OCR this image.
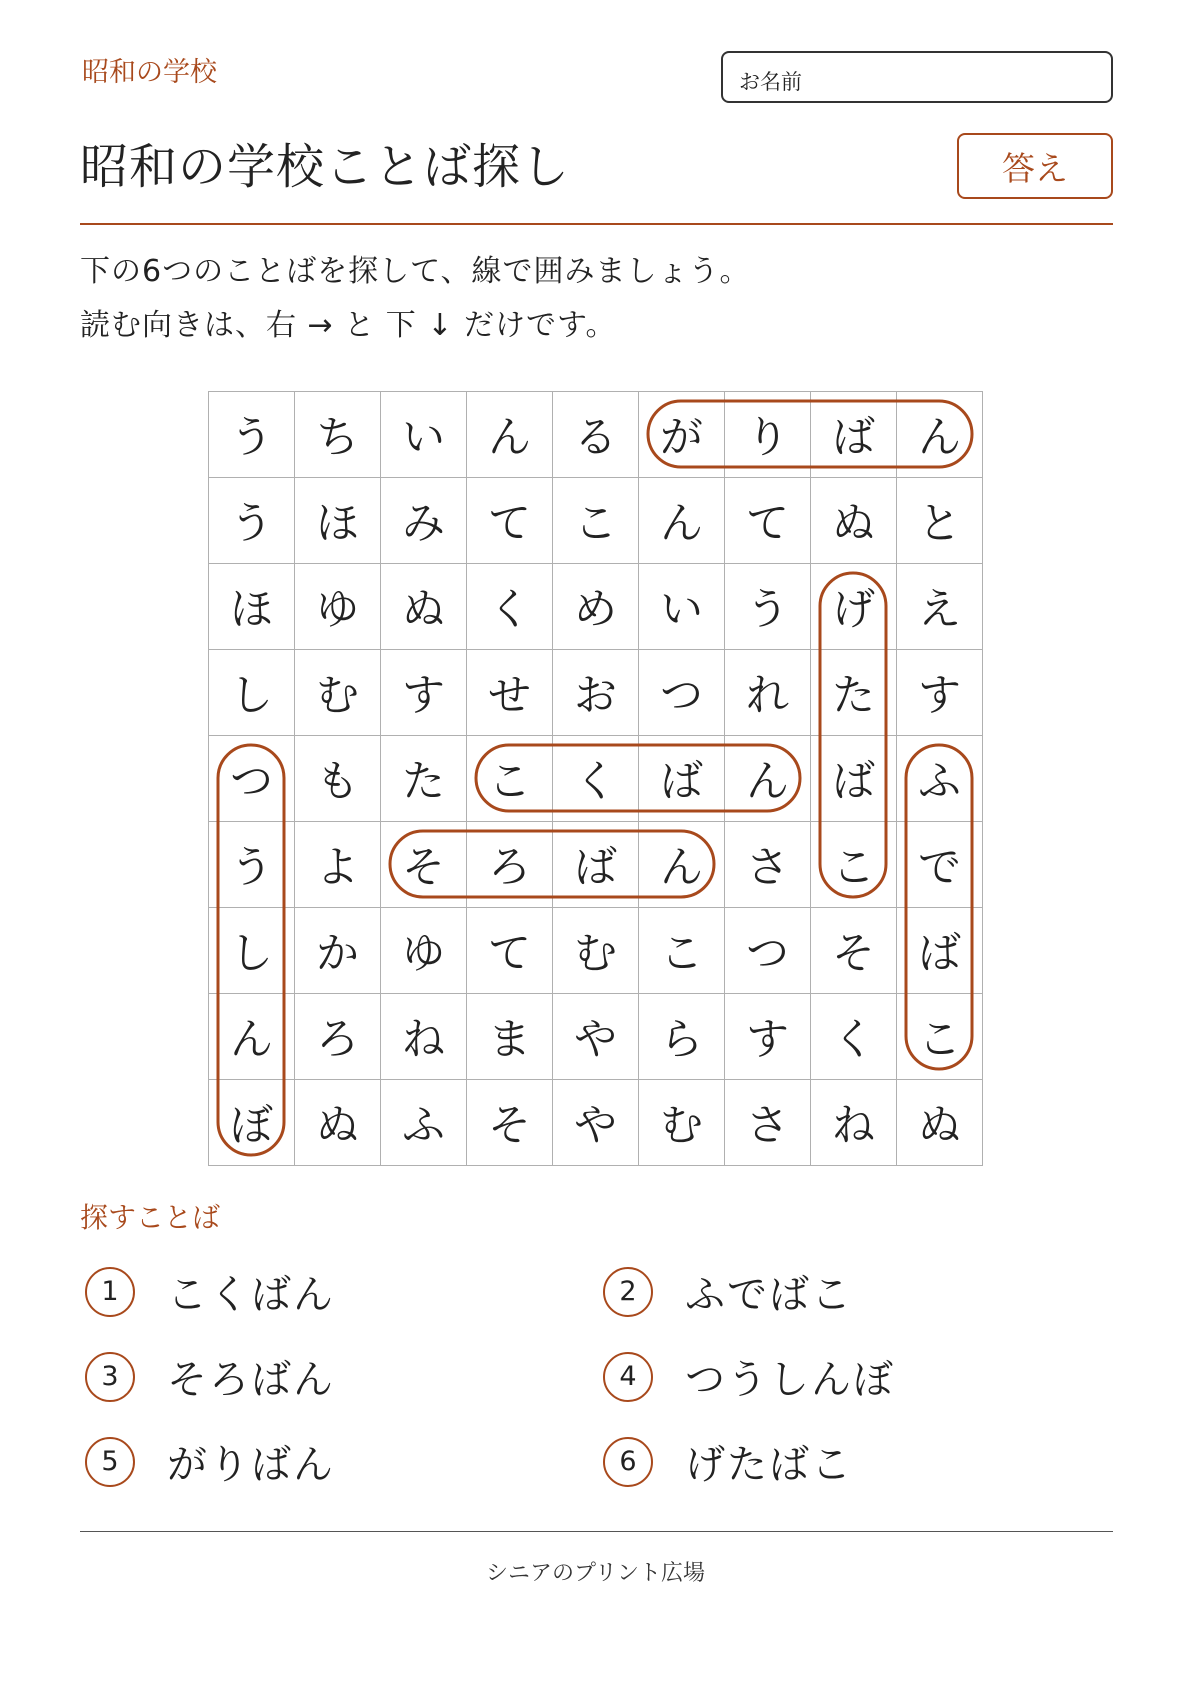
昭和の学校	お名前
昭和の学校ことば探し	答え
下の6つのことばを探して、線で囲みましょう。
読む向きは、右 → と 下 ↓ だけです。
う	ち	い	ん	る	が	り	ば	ん
う	ほ	み	て	こ	ん	て	ぬ	と
ほ	ゆ	ぬ	く	め	い	う	げ	え
し	む	す	せ	お	つ	れ	た	す
つ	も	た	こ	く	ば	ん	ば	ふ
う	よ	そ	ろ	ば	ん	さ	こ	で
し	か	ゆ	て	む	こ	つ	そ	ば
ん	ろ	ね	ま	や	ら	す	く	こ
ぼ	ぬ	ふ	そ	や	む	さ	ね	ぬ
探すことば
1	こくばん	2	ふでばこ
3	そろばん	4	つうしんぼ
5	がりばん	6	げたばこ
シニアのプリント広場
